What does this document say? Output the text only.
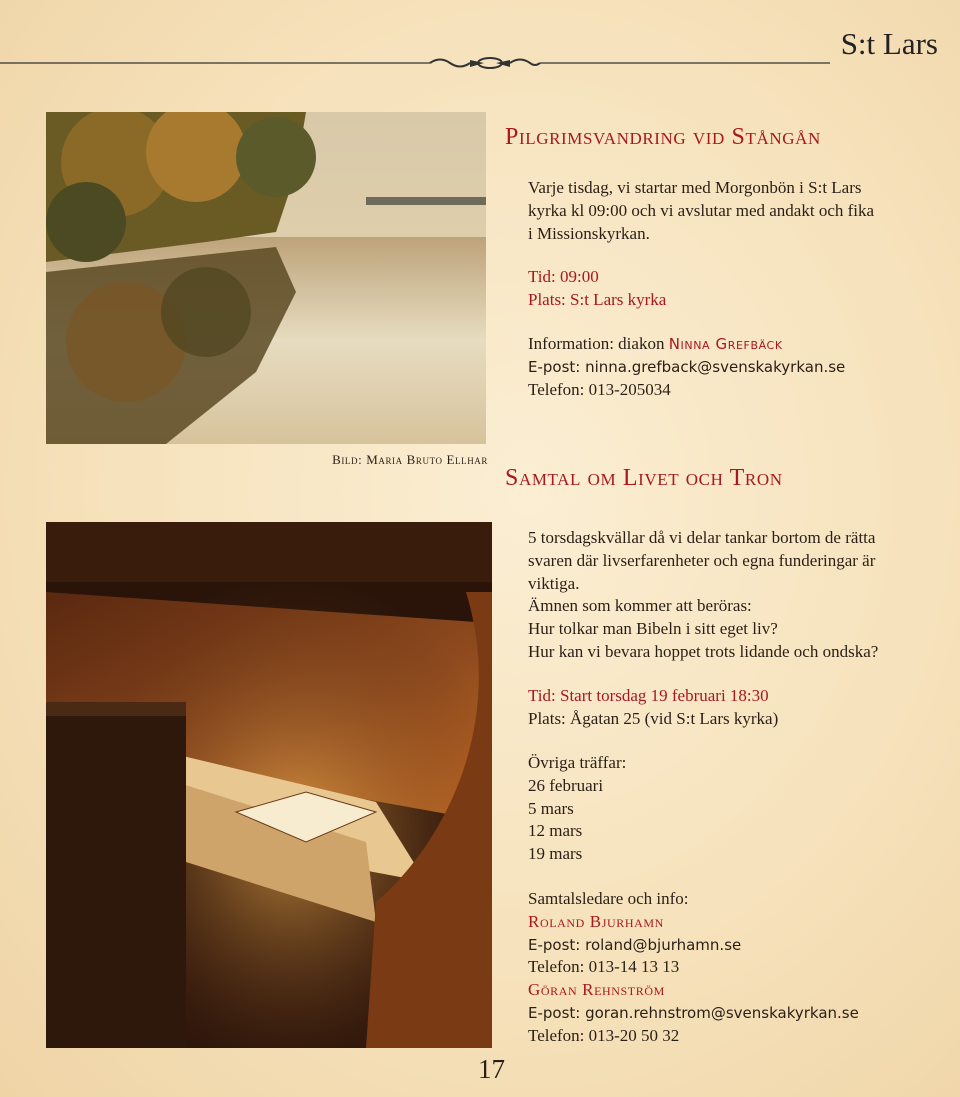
S:t Lars
Bild: Maria Bruto Ellhar
Pilgrimsvandring vid Stångån
Varje tisdag, vi startar med Morgonbön i S:t Lars
kyrka kl 09:00 och vi avslutar med andakt och fika
i Missionskyrkan.
Tid: 09:00
Plats: S:t Lars kyrka
Information: diakon Ninna Grefbäck
E-post: ninna.grefback@svenskakyrkan.se
Telefon: 013-205034
Samtal om Livet och Tron
5 torsdagskvällar då vi delar tankar bortom de rätta
svaren där livserfarenheter och egna funderingar är
viktiga.
Ämnen som kommer att beröras:
Hur tolkar man Bibeln i sitt eget liv?
Hur kan vi bevara hoppet trots lidande och ondska?
Tid: Start torsdag 19 februari 18:30
Plats: Ågatan 25 (vid S:t Lars kyrka)
Övriga träffar:
26 februari
5 mars
12 mars
19 mars
Samtalsledare och info:
Roland Bjurhamn
E-post: roland@bjurhamn.se
Telefon: 013-14 13 13
Göran Rehnström
E-post: goran.rehnstrom@svenskakyrkan.se
Telefon: 013-20 50 32
17
